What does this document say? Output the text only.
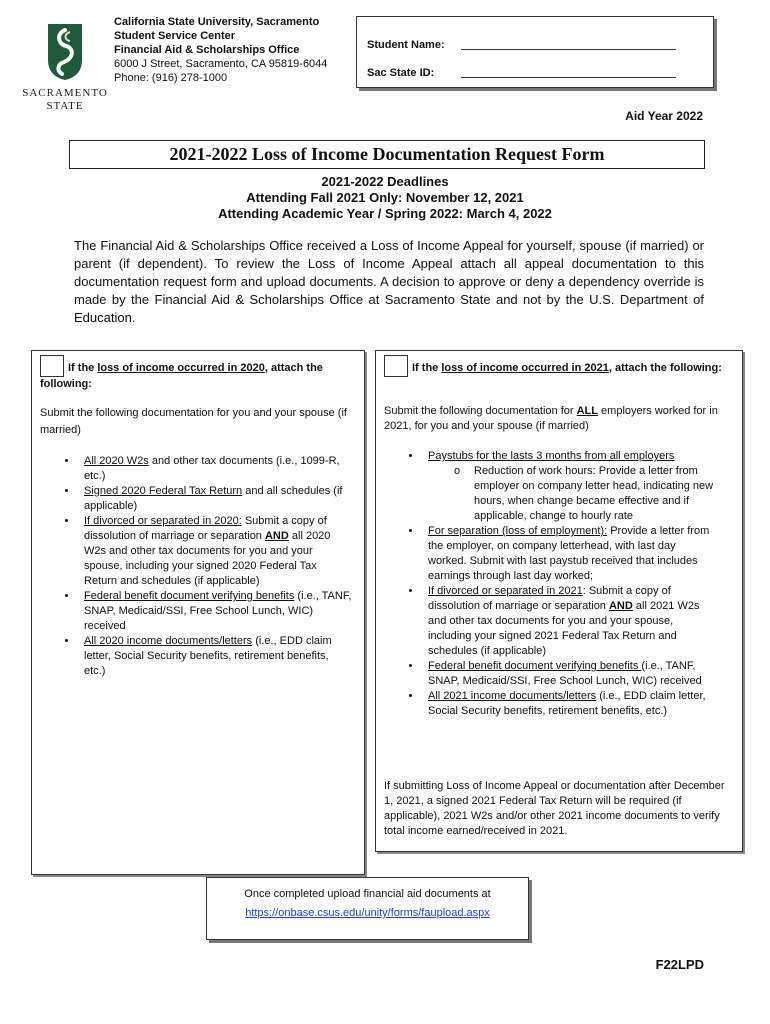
SACRAMENTO
STATE
California State University, Sacramento
Student Service Center
Financial Aid & Scholarships Office
6000 J Street, Sacramento, CA 95819-6044
Phone: (916) 278-1000
Student Name:
Sac State ID:
Aid Year 2022
2021-2022 Loss of Income Documentation Request Form
2021-2022 Deadlines
Attending Fall 2021 Only: November 12, 2021
Attending Academic Year / Spring 2022: March 4, 2022
The Financial Aid & Scholarships Office received a Loss of Income Appeal for yourself, spouse (if married) or parent (if dependent). To review the Loss of Income Appeal attach all appeal documentation to this documentation request form and upload documents. A decision to approve or deny a dependency override is made by the Financial Aid & Scholarships Office at Sacramento State and not by the U.S. Department of Education.
If the loss of income occurred in 2020, attach the following:
Submit the following documentation for you and your spouse (if married)
• All 2020 W2s and other tax documents (i.e., 1099-R, etc.)
• Signed 2020 Federal Tax Return and all schedules (if applicable)
• If divorced or separated in 2020: Submit a copy of dissolution of marriage or separation AND all 2020 W2s and other tax documents for you and your spouse, including your signed 2020 Federal Tax Return and schedules (if applicable)
• Federal benefit document verifying benefits (i.e., TANF, SNAP, Medicaid/SSI, Free School Lunch, WIC) received
• All 2020 income documents/letters (i.e., EDD claim letter, Social Security benefits, retirement benefits, etc.)
If the loss of income occurred in 2021, attach the following:
Submit the following documentation for ALL employers worked for in 2021, for you and your spouse (if married)
• Paystubs for the lasts 3 months from all employers
o Reduction of work hours: Provide a letter from employer on company letter head, indicating new hours, when change became effective and if applicable, change to hourly rate
• For separation (loss of employment): Provide a letter from the employer, on company letterhead, with last day worked. Submit with last paystub received that includes earnings through last day worked;
• If divorced or separated in 2021: Submit a copy of dissolution of marriage or separation AND all 2021 W2s and other tax documents for you and your spouse, including your signed 2021 Federal Tax Return and schedules (if applicable)
• Federal benefit document verifying benefits (i.e., TANF, SNAP, Medicaid/SSI, Free School Lunch, WIC) received
• All 2021 income documents/letters (i.e., EDD claim letter, Social Security benefits, retirement benefits, etc.)
If submitting Loss of Income Appeal or documentation after December 1, 2021, a signed 2021 Federal Tax Return will be required (if applicable), 2021 W2s and/or other 2021 income documents to verify total income earned/received in 2021.
Once completed upload financial aid documents at
https://onbase.csus.edu/unity/forms/faupload.aspx
F22LPD
